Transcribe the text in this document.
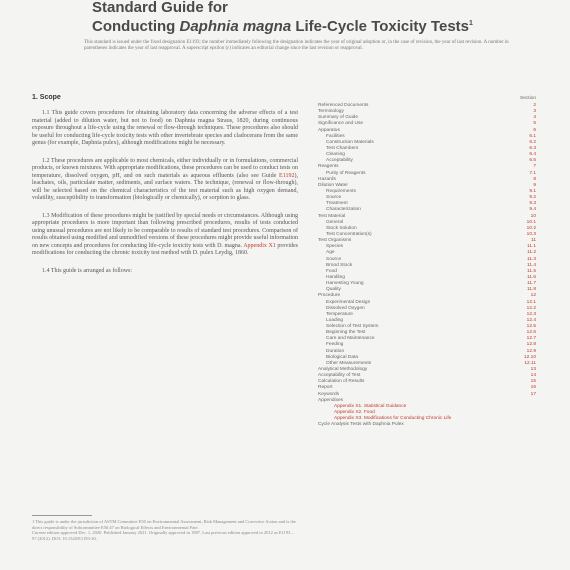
Standard Guide for
Conducting Daphnia magna Life-Cycle Toxicity Tests$^1$
This standard is issued under the fixed designation E1193; the number immediately following the designation indicates the year of original adoption or, in the case of revision, the year of last revision. A number in parentheses indicates the year of last reapproval. A superscript epsilon (ε) indicates an editorial change since the last revision or reapproval.
1. Scope

1.1 This guide covers procedures for obtaining laboratory data concerning the adverse effects of a test material (added to dilution water, but not to food) on Daphnia magna Straus, 1820, during continuous exposure throughout a life-cycle using the renewal or flow-through techniques. These procedures also should be useful for conducting life-cycle toxicity tests with other invertebrate species and cladocerans from the same genus (for example, Daphnia pulex), although modifications might be necessary.

1.2 These procedures are applicable to most chemicals, either individually or in formulations, commercial products, or known mixtures. With appropriate modifications, these procedures can be used to conduct tests on temperature, dissolved oxygen, pH, and on such materials as aqueous effluents (also see Guide E1192), leachates, oils, particulate matter, sediments, and surface waters. The technique, (renewal or flow-through), will be selected based on the chemical characteristics of the test material such as high oxygen demand, volatility, susceptibility to transformation (biologically or chemically), or sorption to glass.

1.3 Modification of these procedures might be justified by special needs or circumstances. Although using appropriate procedures is more important than following prescribed procedures, results of tests conducted using unusual procedures are not likely to be comparable to results of standard test procedures. Comparison of results obtained using modified and unmodified versions of these procedures might provide useful information on new concepts and procedures for conducting life-cycle toxicity tests with D. magna. Appendix X1 provides modifications for conducting the chronic toxicity test method with D. pulex Leydig, 1860.

1.4 This guide is arranged as follows:

1 This guide is under the jurisdiction of ASTM Committee E50 on Environmental Assessment, Risk Management and Corrective Action and is the direct responsibility of Subcommittee E50.47 on Biological Effects and Environmental Fate.
Current edition approved Dec. 1, 2020. Published January 2021. Originally approved in 1987. Last previous edition approved in 2012 as E1193 – 97 (2012). DOI: 10.1520/E1193-20.
Section
Referenced Documents	2
Terminology	3
Summary of Guide	4
Significance and Use	5
Apparatus	6
Facilities	6.1
Construction Materials	6.2
Test Chambers	6.3
Cleaning	6.4
Acceptability	6.5
Reagents	7
Purity of Reagents	7.1
Hazards	8
Dilution Water	9
Requirements	9.1
Source	9.2
Treatment	9.3
Characterization	9.4
Test Material	10
General	10.1
Stock Solution	10.2
Test Concentration(s)	10.3
Test Organisms	11
Species	11.1
Age	11.2
Source	11.3
Brood Stock	11.4
Food	11.5
Handling	11.6
Harvesting Young	11.7
Quality	11.8
Procedure	12
Experimental Design	12.1
Dissolved Oxygen	12.2
Temperature	12.3
Loading	12.4
Selection of Test System	12.5
Beginning the Test	12.6
Care and Maintenance	12.7
Feeding	12.8
Duration	12.9
Biological Data	12.10
Other Measurements	12.11
Analytical Methodology	13
Acceptability of Test	14
Calculation of Results	15
Report	16
Keywords	17
Appendixes
Appendix X1. Statistical Guidance
Appendix X2. Food
Appendix X3. Modifications for Conducting Chronic Life
Cycle Analysis Tests with Daphnia Pulex
